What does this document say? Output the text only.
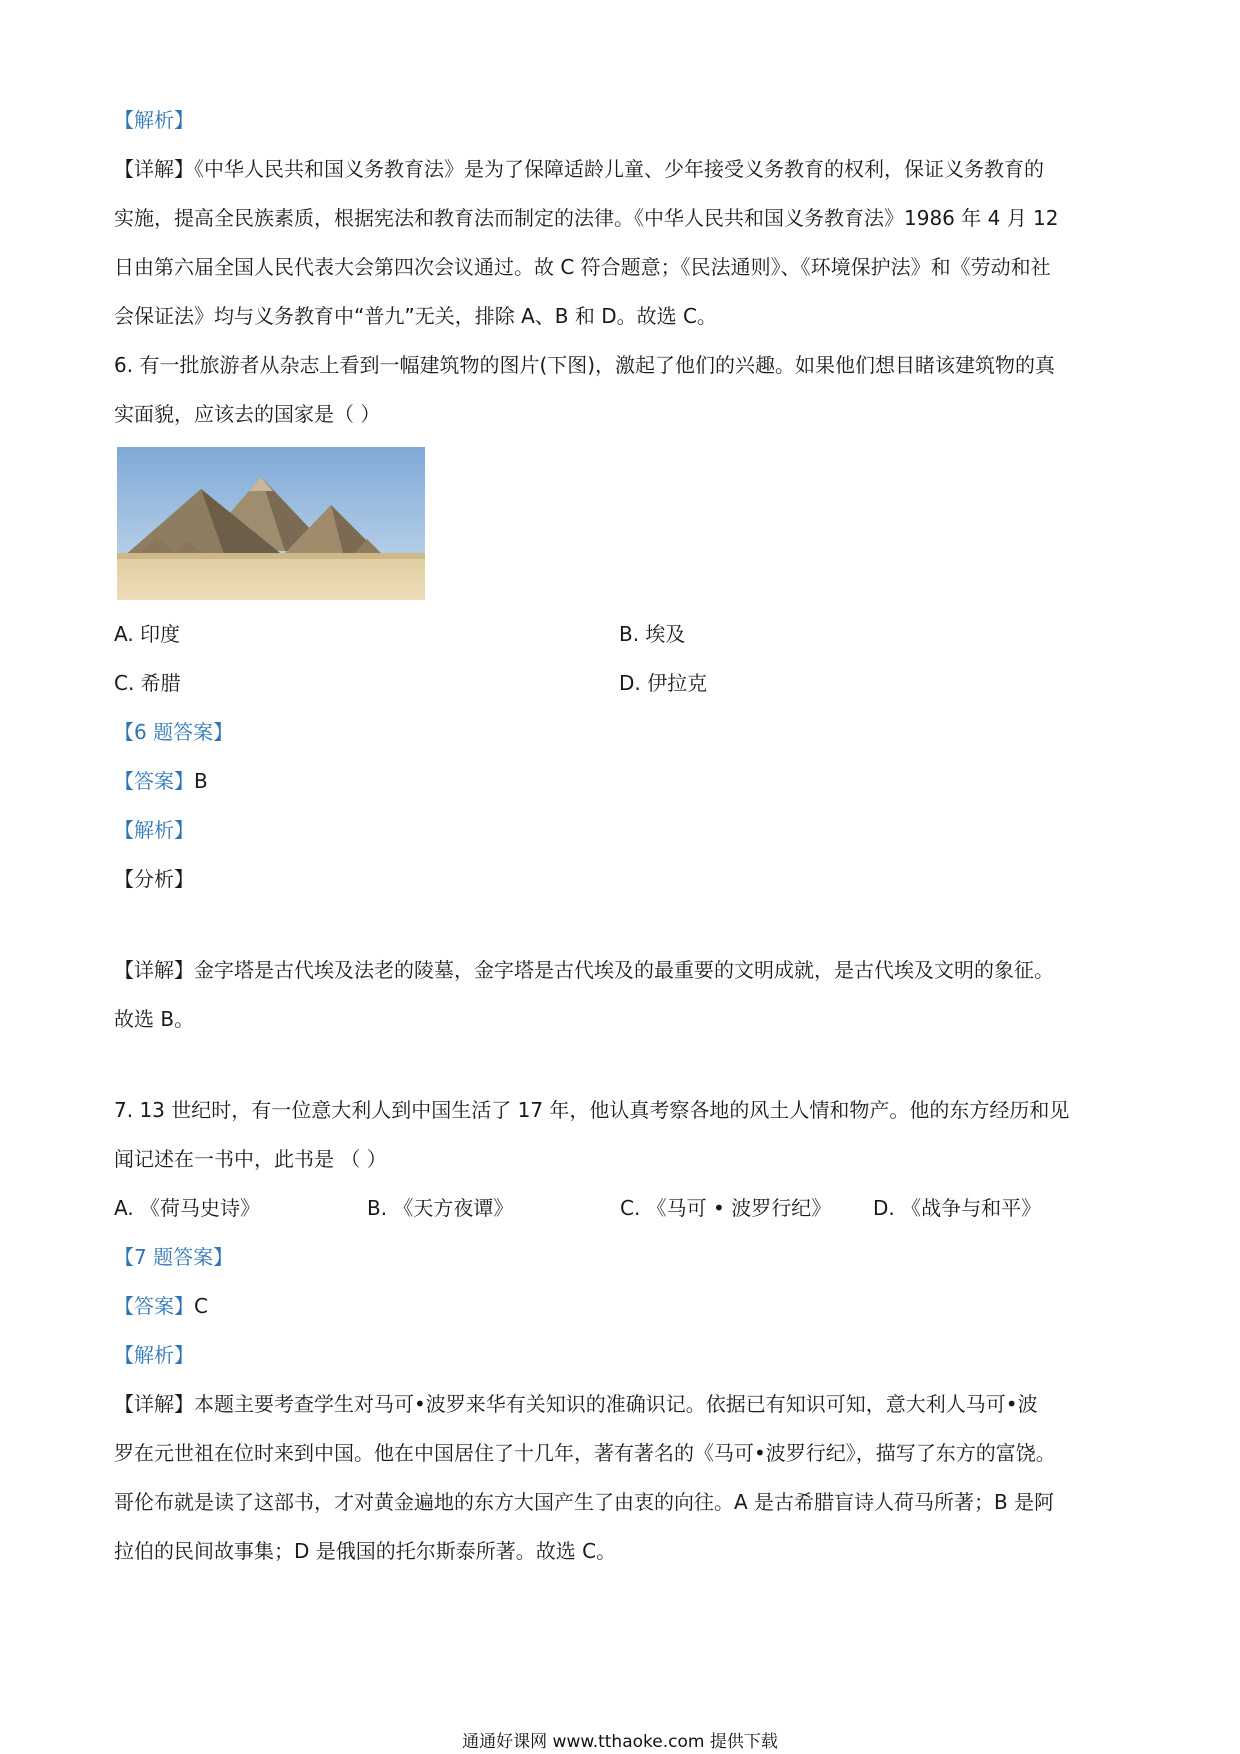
【解析】
【详解】《中华人民共和国义务教育法》是为了保障适龄儿童、少年接受义务教育的权利，保证义务教育的
实施，提高全民族素质，根据宪法和教育法而制定的法律。《中华人民共和国义务教育法》1986 年 4 月 12
日由第六届全国人民代表大会第四次会议通过。故 C 符合题意；《民法通则》、《环境保护法》和《劳动和社
会保证法》均与义务教育中“普九”无关，排除 A、B 和 D。故选 C。
6. 有一批旅游者从杂志上看到一幅建筑物的图片(下图)，激起了他们的兴趣。如果他们想目睹该建筑物的真
实面貌，应该去的国家是（ ）
A. 印度	B. 埃及
C. 希腊	D. 伊拉克
【6 题答案】
【答案】B
【解析】
【分析】
【详解】金字塔是古代埃及法老的陵墓，金字塔是古代埃及的最重要的文明成就，是古代埃及文明的象征。
故选 B。
7. 13 世纪时，有一位意大利人到中国生活了 17 年，他认真考察各地的风土人情和物产。他的东方经历和见
闻记述在一书中，此书是 （ ）
A. 《荷马史诗》	B. 《天方夜谭》	C. 《马可 • 波罗行纪》	D. 《战争与和平》
【7 题答案】
【答案】C
【解析】
【详解】本题主要考查学生对马可•波罗来华有关知识的准确识记。依据已有知识可知，意大利人马可•波
罗在元世祖在位时来到中国。他在中国居住了十几年，著有著名的《马可•波罗行纪》，描写了东方的富饶。
哥伦布就是读了这部书，才对黄金遍地的东方大国产生了由衷的向往。A 是古希腊盲诗人荷马所著；B 是阿
拉伯的民间故事集；D 是俄国的托尔斯泰所著。故选 C。
通通好课网 www.tthaoke.com 提供下载
